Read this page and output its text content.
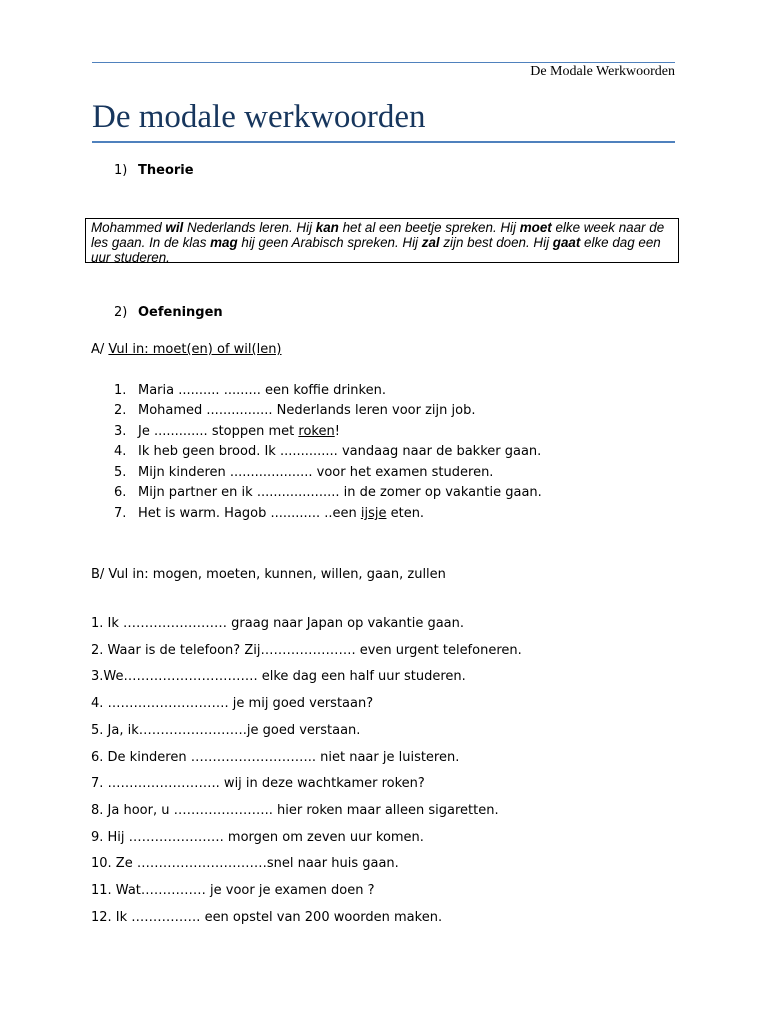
De Modale Werkwoorden
De modale werkwoorden
1) Theorie
Mohammed wil Nederlands leren. Hij kan het al een beetje spreken. Hij moet elke week naar de les gaan. In de klas mag hij geen Arabisch spreken. Hij zal zijn best doen. Hij gaat elke dag een uur studeren.
2) Oefeningen
A/ Vul in: moet(en) of wil(len)
1. Maria .......... ......... een koffie drinken.
2. Mohamed ................ Nederlands leren voor zijn job.
3. Je ............. stoppen met roken!
4. Ik heb geen brood. Ik .............. vandaag naar de bakker gaan.
5. Mijn kinderen .................... voor het examen studeren.
6. Mijn partner en ik .................... in de zomer op vakantie gaan.
7. Het is warm. Hagob ............ ..een ijsje eten.
B/ Vul in: mogen, moeten, kunnen, willen, gaan, zullen
1. Ik …………………… graag naar Japan op vakantie gaan.
2. Waar is de telefoon? Zij…………………. even urgent telefoneren.
3.We…………………………. elke dag een half uur studeren.
4. ………………………. je mij goed verstaan?
5. Ja, ik…………………….je goed verstaan.
6. De kinderen ……………………….. niet naar je luisteren.
7. …………………….. wij in deze wachtkamer roken?
8. Ja hoor, u ………………….. hier roken maar alleen sigaretten.
9. Hij …………………. morgen om zeven uur komen.
10. Ze …………………………snel naar huis gaan.
11. Wat…………… je voor je examen doen ?
12. Ik ……………. een opstel van 200 woorden maken.
